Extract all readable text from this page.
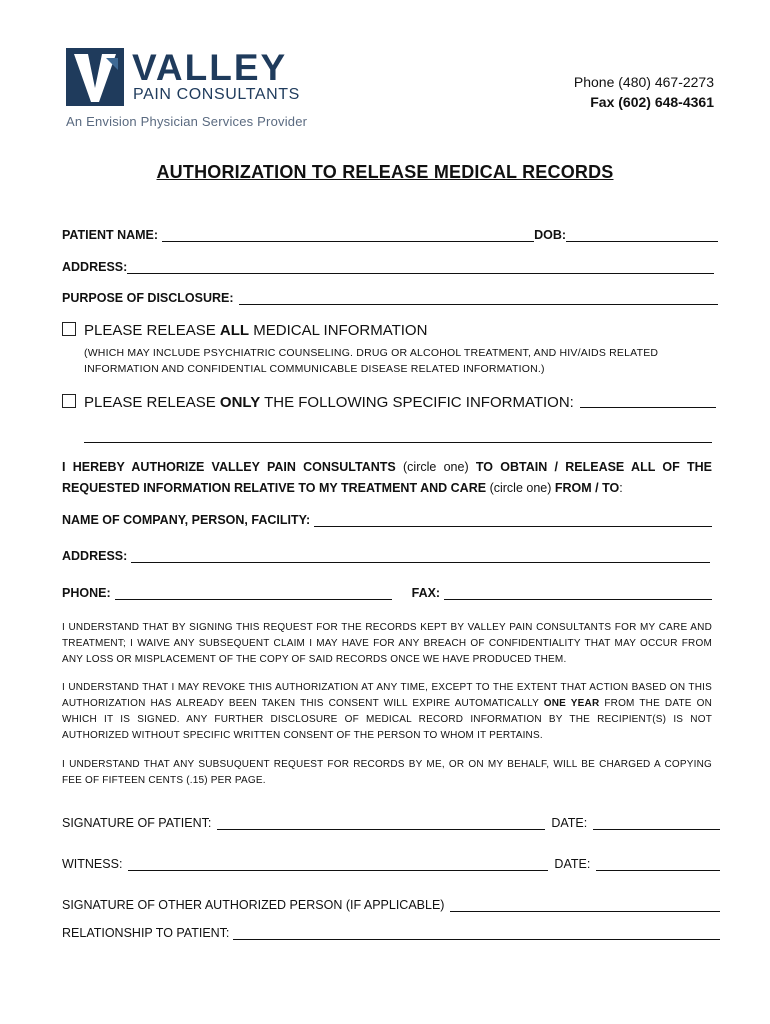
VALLEY
PAIN CONSULTANTS
An Envision Physician Services Provider
Phone (480) 467-2273
Fax (602) 648-4361
AUTHORIZATION TO RELEASE MEDICAL RECORDS
PATIENT NAME:	DOB:
ADDRESS:
PURPOSE OF DISCLOSURE:
PLEASE RELEASE ALL MEDICAL INFORMATION
(WHICH MAY INCLUDE PSYCHIATRIC COUNSELING. DRUG OR ALCOHOL TREATMENT, AND HIV/AIDS RELATED INFORMATION AND CONFIDENTIAL COMMUNICABLE DISEASE RELATED INFORMATION.)
PLEASE RELEASE ONLY THE FOLLOWING SPECIFIC INFORMATION:
I HEREBY AUTHORIZE VALLEY PAIN CONSULTANTS (circle one) TO OBTAIN / RELEASE ALL OF THE REQUESTED INFORMATION RELATIVE TO MY TREATMENT AND CARE (circle one) FROM / TO:
NAME OF COMPANY, PERSON, FACILITY:
ADDRESS:
PHONE:	FAX:
I UNDERSTAND THAT BY SIGNING THIS REQUEST FOR THE RECORDS KEPT BY VALLEY PAIN CONSULTANTS FOR MY CARE AND TREATMENT; I WAIVE ANY SUBSEQUENT CLAIM I MAY HAVE FOR ANY BREACH OF CONFIDENTIALITY THAT MAY OCCUR FROM ANY LOSS OR MISPLACEMENT OF THE COPY OF SAID RECORDS ONCE WE HAVE PRODUCED THEM.
I UNDERSTAND THAT I MAY REVOKE THIS AUTHORIZATION AT ANY TIME, EXCEPT TO THE EXTENT THAT ACTION BASED ON THIS AUTHORIZATION HAS ALREADY BEEN TAKEN THIS CONSENT WILL EXPIRE AUTOMATICALLY ONE YEAR FROM THE DATE ON WHICH IT IS SIGNED. ANY FURTHER DISCLOSURE OF MEDICAL RECORD INFORMATION BY THE RECIPIENT(S) IS NOT AUTHORIZED WITHOUT SPECIFIC WRITTEN CONSENT OF THE PERSON TO WHOM IT PERTAINS.
I UNDERSTAND THAT ANY SUBSUQUENT REQUEST FOR RECORDS BY ME, OR ON MY BEHALF, WILL BE CHARGED A COPYING FEE OF FIFTEEN CENTS (.15) PER PAGE.
SIGNATURE OF PATIENT:	DATE:
WITNESS:	DATE:
SIGNATURE OF OTHER AUTHORIZED PERSON (IF APPLICABLE)
RELATIONSHIP TO PATIENT:
